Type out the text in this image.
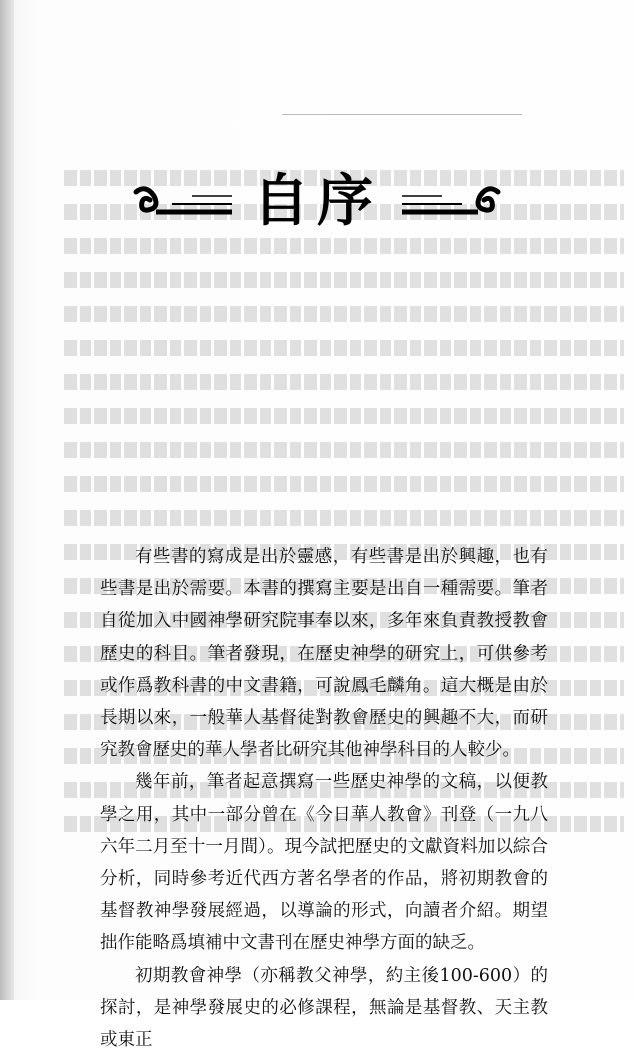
自序

有些書的寫成是出於靈感，有些書是出於興趣，也有些書是出於需要。本書的撰寫主要是出自一種需要。筆者自從加入中國神學研究院事奉以來，多年來負責教授教會歷史的科目。筆者發現，在歷史神學的研究上，可供參考或作爲教科書的中文書籍，可說鳳毛麟角。這大概是由於長期以來，一般華人基督徒對教會歷史的興趣不大，而研究教會歷史的華人學者比研究其他神學科目的人較少。

幾年前，筆者起意撰寫一些歷史神學的文稿，以便教學之用，其中一部分曾在《今日華人教會》刊登（一九八六年二月至十一月間）。現今試把歷史的文獻資料加以綜合分析，同時參考近代西方著名學者的作品，將初期教會的基督教神學發展經過，以導論的形式，向讀者介紹。期望拙作能略爲填補中文書刊在歷史神學方面的缺乏。

初期教會神學（亦稱教父神學，約主後100-600）的探討，是神學發展史的必修課程，無論是基督教、天主教或東正
